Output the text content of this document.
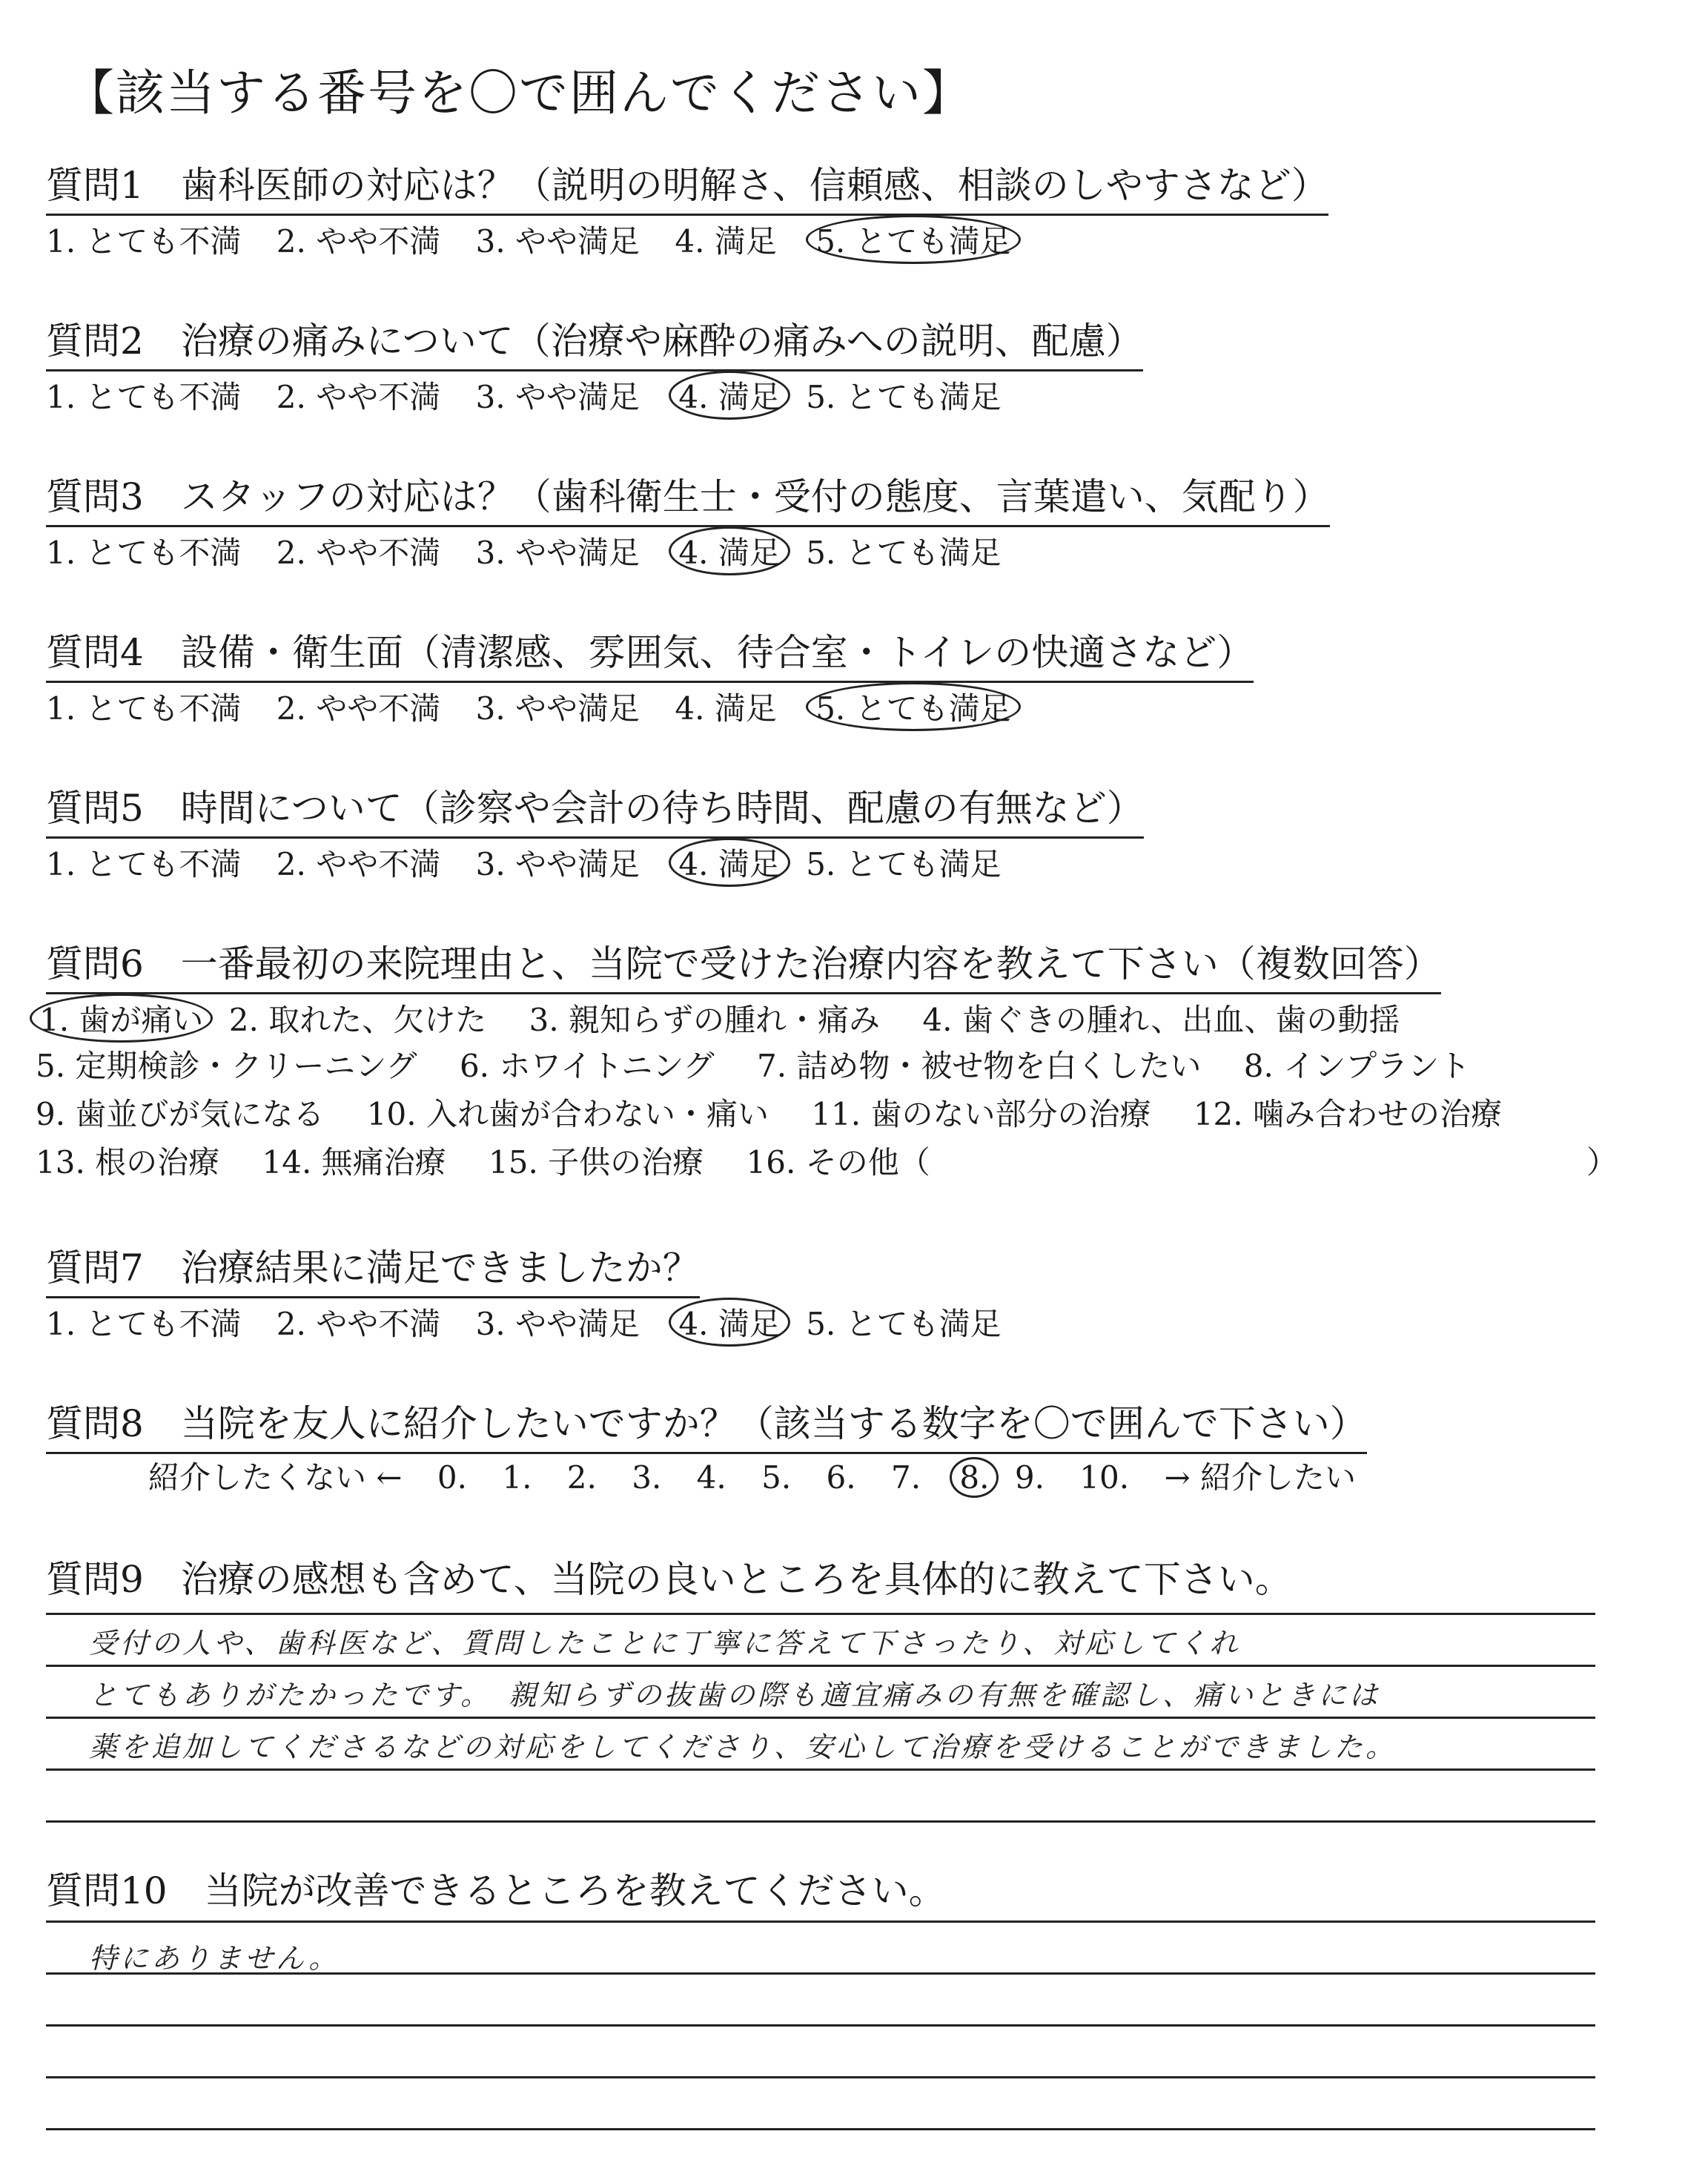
【該当する番号を〇で囲んでください】
質問1　歯科医師の対応は？（説明の明解さ、信頼感、相談のしやすさなど）
1. とても不満 2. やや不満 3. やや満足 4. 満足 5. とても満足
質問2　治療の痛みについて（治療や麻酔の痛みへの説明、配慮）
1. とても不満 2. やや不満 3. やや満足 4. 満足 5. とても満足
質問3　スタッフの対応は？（歯科衛生士・受付の態度、言葉遣い、気配り）
1. とても不満 2. やや不満 3. やや満足 4. 満足 5. とても満足
質問4　設備・衛生面（清潔感、雰囲気、待合室・トイレの快適さなど）
1. とても不満 2. やや不満 3. やや満足 4. 満足 5. とても満足
質問5　時間について（診察や会計の待ち時間、配慮の有無など）
1. とても不満 2. やや不満 3. やや満足 4. 満足 5. とても満足
質問6　一番最初の来院理由と、当院で受けた治療内容を教えて下さい（複数回答）
1. 歯が痛い 2. 取れた、欠けた 3. 親知らずの腫れ・痛み 4. 歯ぐきの腫れ、出血、歯の動揺
5. 定期検診・クリーニング 6. ホワイトニング 7. 詰め物・被せ物を白くしたい 8. インプラント
9. 歯並びが気になる 10. 入れ歯が合わない・痛い 11. 歯のない部分の治療 12. 噛み合わせの治療
13. 根の治療 14. 無痛治療 15. 子供の治療 16. その他（	）
質問7　治療結果に満足できましたか？
1. とても不満 2. やや不満 3. やや満足 4. 満足 5. とても満足
質問8　当院を友人に紹介したいですか？（該当する数字を〇で囲んで下さい）
紹介したくない ← 0. 1. 2. 3. 4. 5. 6. 7. 8. 9. 10. → 紹介したい
質問9　治療の感想も含めて、当院の良いところを具体的に教えて下さい。
受付の人や、歯科医など、質問したことに丁寧に答えて下さったり、対応してくれ
とてもありがたかったです。　親知らずの抜歯の際も適宜痛みの有無を確認し、痛いときには
薬を追加してくださるなどの対応をしてくださり、安心して治療を受けることができました。
質問10　当院が改善できるところを教えてください。
特にありません。
